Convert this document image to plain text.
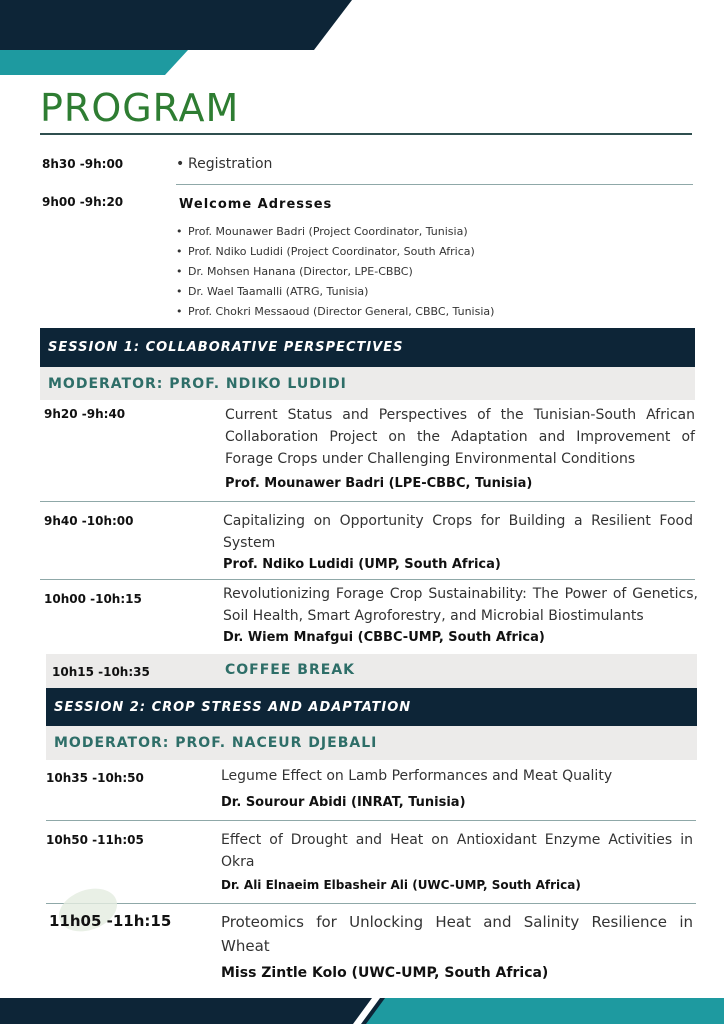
PROGRAM
8h30 -9h:00
•	Registration
9h00 -9h:20	Welcome Adresses
• Prof. Mounawer Badri (Project Coordinator, Tunisia)
• Prof. Ndiko Ludidi (Project Coordinator, South Africa)
• Dr. Mohsen Hanana (Director, LPE-CBBC)
• Dr. Wael Taamalli (ATRG, Tunisia)
• Prof. Chokri Messaoud (Director General, CBBC, Tunisia)
SESSION 1: COLLABORATIVE PERSPECTIVES
MODERATOR: PROF. NDIKO LUDIDI
9h20 -9h:40	Current Status and Perspectives of the Tunisian-South African Collaboration Project on the Adaptation and Improvement of Forage Crops under Challenging Environmental Conditions
Prof. Mounawer Badri (LPE-CBBC, Tunisia)
9h40 -10h:00	Capitalizing on Opportunity Crops for Building a Resilient Food System
Prof. Ndiko Ludidi (UMP, South Africa)
10h00 -10h:15	Revolutionizing Forage Crop Sustainability: The Power of Genetics, Soil Health, Smart Agroforestry, and Microbial Biostimulants
Dr. Wiem Mnafgui (CBBC-UMP, South Africa)
10h15 -10h:35	COFFEE BREAK
SESSION 2: CROP STRESS AND ADAPTATION
MODERATOR: PROF. NACEUR DJEBALI
10h35 -10h:50	Legume Effect on Lamb Performances and Meat Quality
Dr. Sourour Abidi (INRAT, Tunisia)
10h50 -11h:05	Effect of Drought and Heat on Antioxidant Enzyme Activities in Okra
Dr. Ali Elnaeim Elbasheir Ali (UWC-UMP, South Africa)
11h05 -11h:15	Proteomics for Unlocking Heat and Salinity Resilience in Wheat
Miss Zintle Kolo (UWC-UMP, South Africa)
